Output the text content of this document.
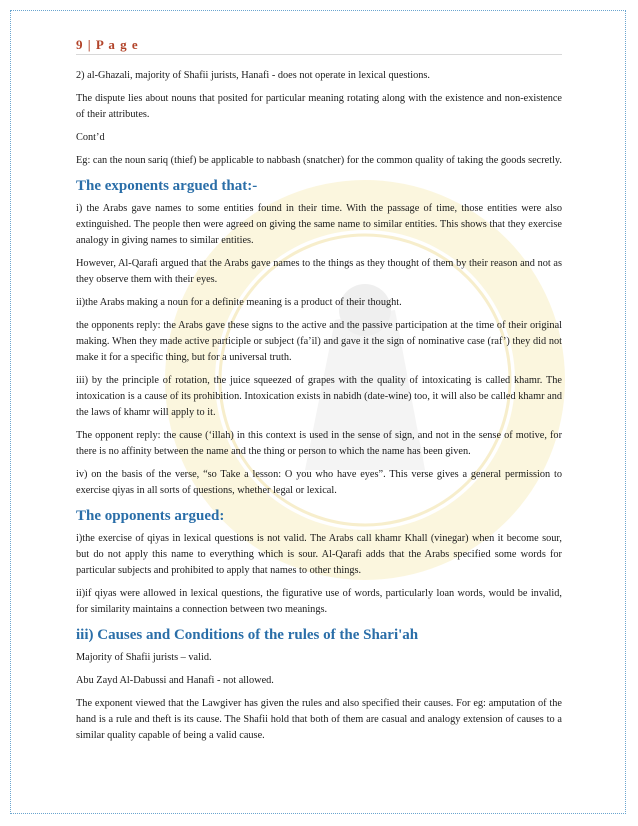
9 | P a g e

2) al-Ghazali, majority of Shafii jurists, Hanafi - does not operate in lexical questions.

The dispute lies about nouns that posited for particular meaning rotating along with the existence and non-existence of their attributes.

Cont’d

Eg: can the noun sariq (thief) be applicable to nabbash (snatcher) for the common quality of taking the goods secretly.

The exponents argued that:-

i) the Arabs gave names to some entities found in their time. With the passage of time, those entities were also extinguished. The people then were agreed on giving the same name to similar entities. This shows that they exercise analogy in giving names to similar entities.

However, Al-Qarafi argued that the Arabs gave names to the things as they thought of them by their reason and not as they observe them with their eyes.

ii)the Arabs making a noun for a definite meaning is a product of their thought.

the opponents reply: the Arabs gave these signs to the active and the passive participation at the time of their original making. When they made active participle or subject (fa’il) and gave it the sign of nominative case (raf’) they did not make it for a specific thing, but for a universal truth.

iii) by the principle of rotation, the juice squeezed of grapes with the quality of intoxicating is called khamr. The intoxication is a cause of its prohibition. Intoxication exists in nabidh (date-wine) too, it will also be called khamr and the laws of khamr will apply to it.

The opponent reply: the cause (‘illah) in this context is used in the sense of sign, and not in the sense of motive, for there is no affinity between the name and the thing or person to which the name has been given.

iv) on the basis of the verse, “so Take a lesson: O you who have eyes”. This verse gives a general permission to exercise qiyas in all sorts of questions, whether legal or lexical.

The opponents argued:

i)the exercise of qiyas in lexical questions is not valid. The Arabs call khamr Khall (vinegar) when it become sour, but do not apply this name to everything which is sour. Al-Qarafi adds that the Arabs specified some words for particular subjects and prohibited to apply that names to other things.

ii)if qiyas were allowed in lexical questions, the figurative use of words, particularly loan words, would be invalid, for similarity maintains a connection between two meanings.

iii) Causes and Conditions of the rules of the Shari'ah

Majority of Shafii jurists – valid.

Abu Zayd Al-Dabussi and Hanafi - not allowed.

The exponent viewed that the Lawgiver has given the rules and also specified their causes. For eg: amputation of the hand is a rule and theft is its cause. The Shafii hold that both of them are casual and analogy extension of causes to a similar quality capable of being a valid cause.
